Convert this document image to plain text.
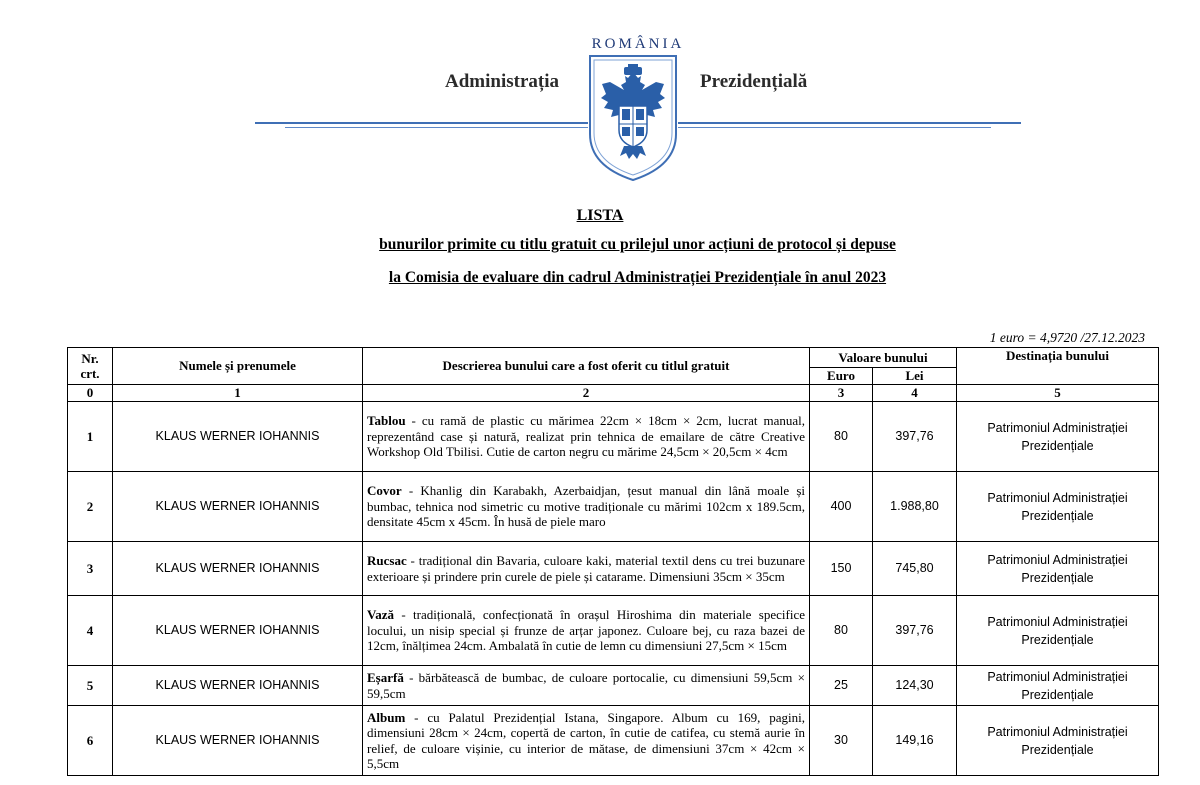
ROMÂNIA
Administrația	Prezidențială
LISTA
bunurilor primite cu titlu gratuit cu prilejul unor acțiuni de protocol și depuse
la Comisia de evaluare din cadrul Administrației Prezidențiale în anul 2023
1 euro = 4,9720 /27.12.2023
Nr. crt.	Numele și prenumele	Descrierea bunului care a fost oferit cu titlul gratuit	Valoare bunului		Destinația bunului
			Euro	Lei	
0	1	2	3	4	5
1	KLAUS WERNER IOHANNIS	Tablou - cu ramă de plastic cu mărimea 22cm × 18cm × 2cm, lucrat manual, reprezentând case și natură, realizat prin tehnica de emailare de către Creative Workshop Old Tbilisi. Cutie de carton negru cu mărime 24,5cm × 20,5cm × 4cm	80	397,76	Patrimoniul Administrației Prezidențiale
2	KLAUS WERNER IOHANNIS	Covor - Khanlig din Karabakh, Azerbaidjan, țesut manual din lână moale și bumbac, tehnica nod simetric cu motive tradiționale cu mărimi 102cm x 189.5cm, densitate 45cm x 45cm. În husă de piele maro	400	1.988,80	Patrimoniul Administrației Prezidențiale
3	KLAUS WERNER IOHANNIS	Rucsac - tradițional din Bavaria, culoare kaki, material textil dens cu trei buzunare exterioare și prindere prin curele de piele și catarame. Dimensiuni 35cm × 35cm	150	745,80	Patrimoniul Administrației Prezidențiale
4	KLAUS WERNER IOHANNIS	Vază - tradițională, confecționată în orașul Hiroshima din materiale specifice locului, un nisip special și frunze de arțar japonez. Culoare bej, cu raza bazei de 12cm, înălțimea 24cm. Ambalată în cutie de lemn cu dimensiuni 27,5cm × 15cm	80	397,76	Patrimoniul Administrației Prezidențiale
5	KLAUS WERNER IOHANNIS	Eșarfă - bărbătească de bumbac, de culoare portocalie, cu dimensiuni 59,5cm × 59,5cm	25	124,30	Patrimoniul Administrației Prezidențiale
6	KLAUS WERNER IOHANNIS	Album - cu Palatul Prezidențial Istana, Singapore. Album cu 169, pagini, dimensiuni 28cm × 24cm, copertă de carton, în cutie de catifea, cu stemă aurie în relief, de culoare vișinie, cu interior de mătase, de dimensiuni 37cm × 42cm × 5,5cm	30	149,16	Patrimoniul Administrației Prezidențiale
